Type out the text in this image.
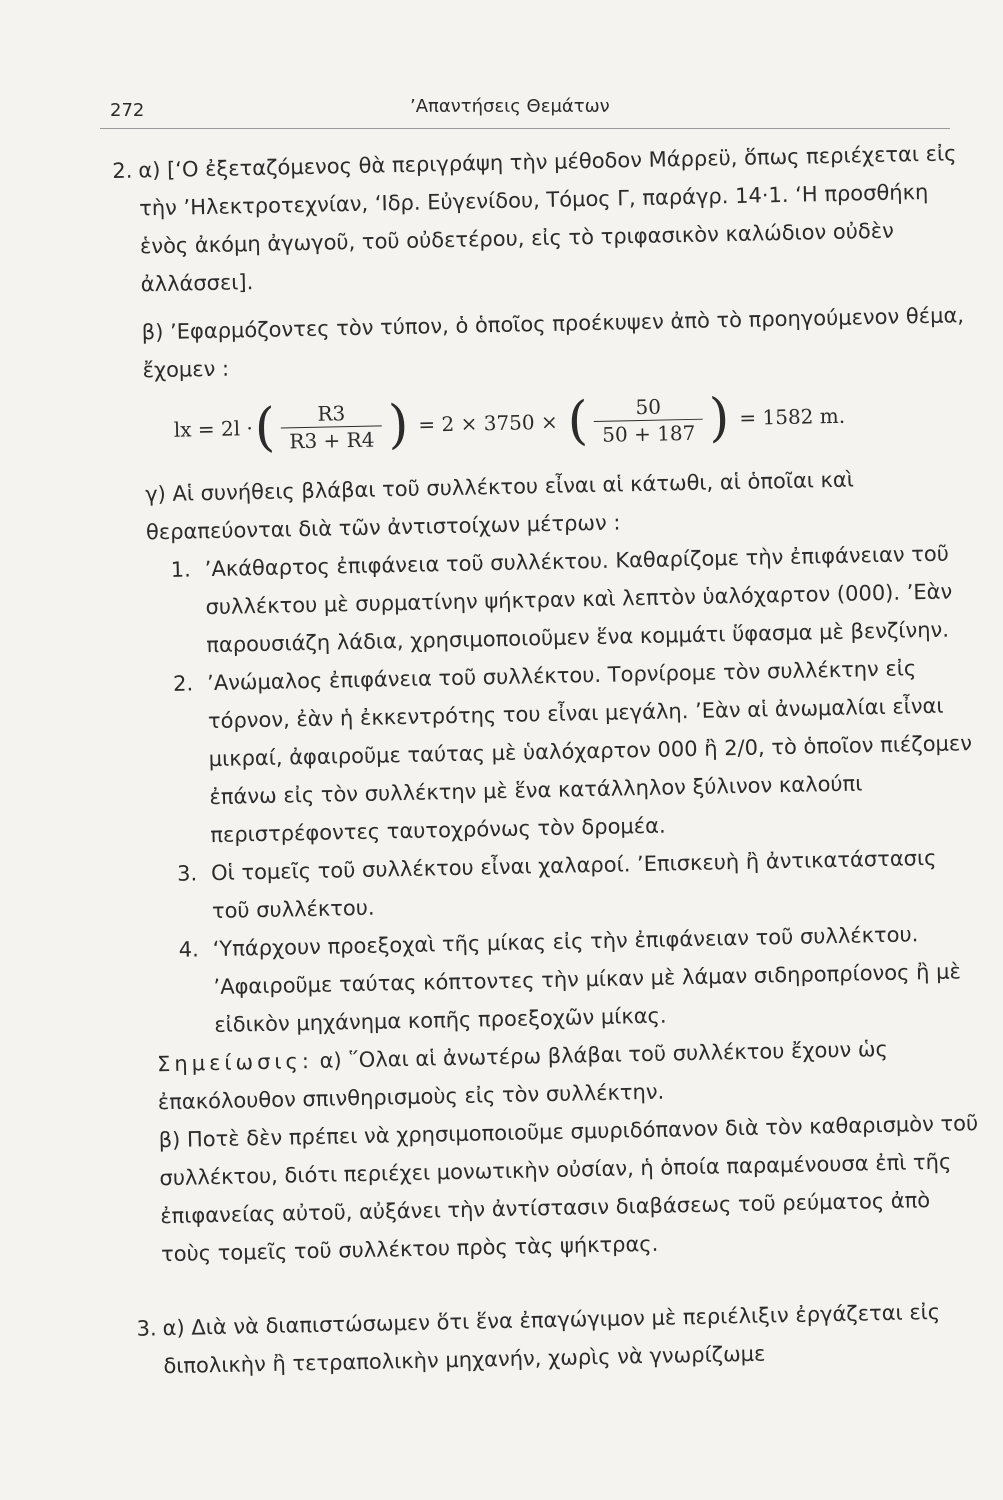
272	’Απαντήσεις Θεμάτων
2. α) [‘Ο ἐξεταζόμενος θὰ περιγράψη τὴν μέθοδον Μάρρεϋ, ὅπως περιέχεται εἰς τὴν ’Ηλεκτροτεχνίαν, ‘Ιδρ. Εὐγενίδου, Τόμος Γ, παράγρ. 14·1. ‘Η προσθήκη ἑνὸς ἀκόμη ἀγωγοῦ, τοῦ οὐδετέρου, εἰς τὸ τριφασικὸν καλώδιον οὐδὲν ἀλλάσσει].

β) ’Εφαρμόζοντες τὸν τύπον, ὁ ὁποῖος προέκυψεν ἀπὸ τὸ προηγούμενον θέμα, ἔχομεν :

lx = 2l · ( $\frac{R3}{R3 + R4}$ ) = 2 × 3750 × ( $\frac{50}{50 + 187}$ ) = 1582 m.

γ) Αἱ συνήθεις βλάβαι τοῦ συλλέκτου εἶναι αἱ κάτωθι, αἱ ὁποῖαι καὶ θεραπεύονται διὰ τῶν ἀντιστοίχων μέτρων :

1. ’Ακάθαρτος ἐπιφάνεια τοῦ συλλέκτου. Καθαρίζομε τὴν ἐπιφάνειαν τοῦ συλλέκτου μὲ συρματίνην ψήκτραν καὶ λεπτὸν ὑαλόχαρτον (000). ’Εὰν παρουσιάζη λάδια, χρησιμοποιοῦμεν ἕνα κομμάτι ὕφασμα μὲ βενζίνην.
2. ’Ανώμαλος ἐπιφάνεια τοῦ συλλέκτου. Τορνίρομε τὸν συλλέκτην εἰς τόρνον, ἐὰν ἡ ἐκκεντρότης του εἶναι μεγάλη. ’Εὰν αἱ ἀνωμαλίαι εἶναι μικραί, ἀφαιροῦμε ταύτας μὲ ὑαλόχαρτον 000 ἢ 2/0, τὸ ὁποῖον πιέζομεν ἐπάνω εἰς τὸν συλλέκτην μὲ ἕνα κατάλληλον ξύλινον καλούπι περιστρέφοντες ταυτοχρόνως τὸν δρομέα.
3. Οἱ τομεῖς τοῦ συλλέκτου εἶναι χαλαροί. ’Επισκευὴ ἢ ἀντικατάστασις τοῦ συλλέκτου.
4. ‘Υπάρχουν προεξοχαὶ τῆς μίκας εἰς τὴν ἐπιφάνειαν τοῦ συλλέκτου. ’Αφαιροῦμε ταύτας κόπτοντες τὴν μίκαν μὲ λάμαν σιδηροπρίονος ἢ μὲ εἰδικὸν μηχάνημα κοπῆς προεξοχῶν μίκας.

Σημείωσις: α) ῞Ολαι αἱ ἀνωτέρω βλάβαι τοῦ συλλέκτου ἔχουν ὡς ἐπακόλουθον σπινθηρισμοὺς εἰς τὸν συλλέκτην.

β) Ποτὲ δὲν πρέπει νὰ χρησιμοποιοῦμε σμυριδόπανον διὰ τὸν καθαρισμὸν τοῦ συλλέκτου, διότι περιέχει μονωτικὴν οὐσίαν, ἡ ὁποία παραμένουσα ἐπὶ τῆς ἐπιφανείας αὐτοῦ, αὐξάνει τὴν ἀντίστασιν διαβάσεως τοῦ ρεύματος ἀπὸ τοὺς τομεῖς τοῦ συλλέκτου πρὸς τὰς ψήκτρας.

3. α) Διὰ νὰ διαπιστώσωμεν ὅτι ἕνα ἐπαγώγιμον μὲ περιέλιξιν ἐργάζεται εἰς διπολικὴν ἢ τετραπολικὴν μηχανήν, χωρὶς νὰ γνωρίζωμε
